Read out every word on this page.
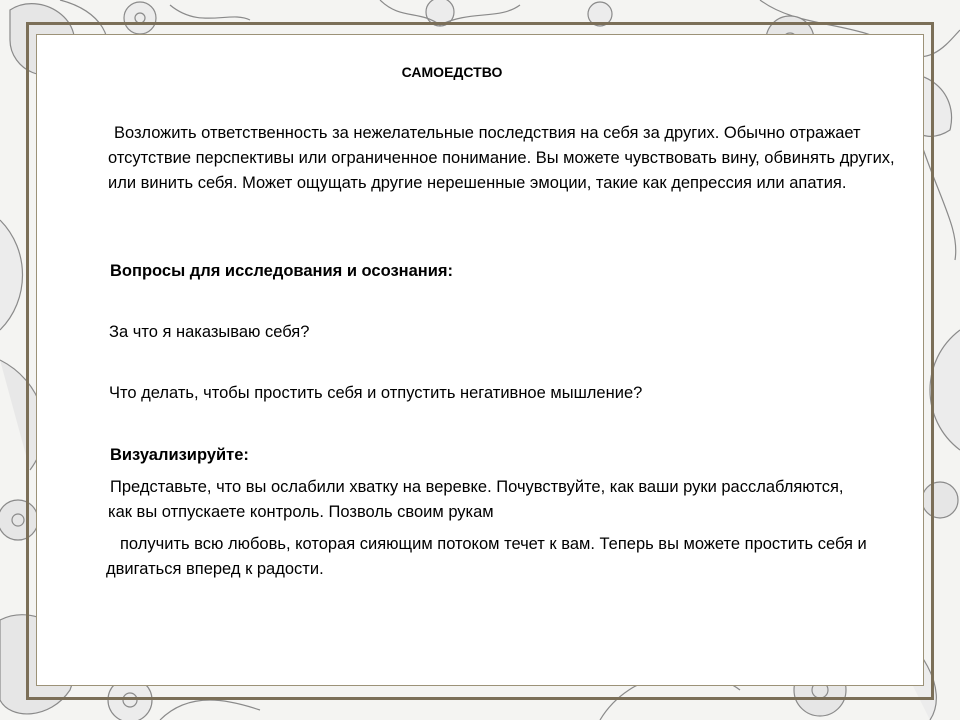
САМОЕДСТВО
Возложить ответственность за нежелательные последствия на себя за других. Обычно отражает отсутствие перспективы или ограниченное понимание. Вы можете чувствовать вину, обвинять других, или винить себя. Может ощущать другие нерешенные эмоции, такие как депрессия или апатия.
Вопросы для исследования и осознания:
За что я наказываю себя?
Что делать, чтобы простить себя и отпустить негативное мышление?
Визуализируйте:
Представьте, что вы ослабили хватку на веревке. Почувствуйте, как ваши руки расслабляются, как вы отпускаете контроль. Позволь своим рукам
получить всю любовь, которая сияющим потоком течет к вам. Теперь вы можете простить себя и двигаться вперед к радости.
